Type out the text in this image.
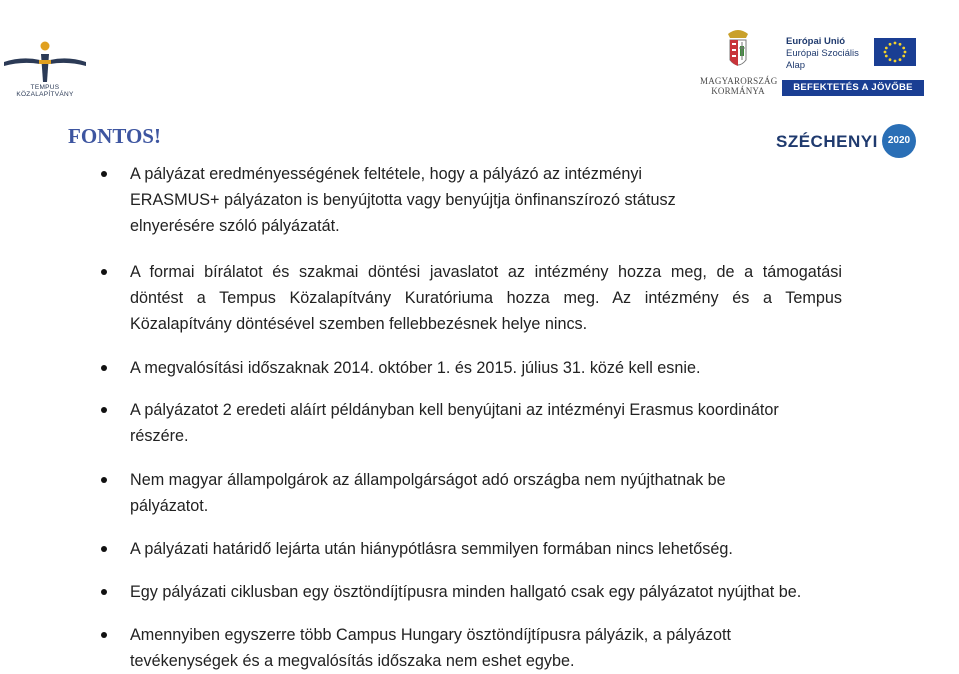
TEMPUS KÖZALAPÍTVÁNY
MAGYARORSZÁG
KORMÁNYA
Európai Unió
Európai Szociális
Alap
BEFEKTETÉS A JÖVŐBE
SZÉCHENYI	2020
FONTOS!
A pályázat eredményességének feltétele, hogy a pályázó az intézményi
ERASMUS+ pályázaton is benyújtotta vagy benyújtja önfinanszírozó státusz
elnyerésére szóló pályázatát.
A formai bírálatot és szakmai döntési javaslatot az intézmény hozza meg, de a támogatási
döntést a Tempus Közalapítvány Kuratóriuma hozza meg. Az intézmény és a Tempus
Közalapítvány döntésével szemben fellebbezésnek helye nincs.
A megvalósítási időszaknak 2014. október 1. és 2015. július 31. közé kell esnie.
A pályázatot 2 eredeti aláírt példányban kell benyújtani az intézményi Erasmus koordinátor
részére.
Nem magyar állampolgárok az állampolgárságot adó országba nem nyújthatnak be
pályázatot.
A pályázati határidő lejárta után hiánypótlásra semmilyen formában nincs lehetőség.
Egy pályázati ciklusban egy ösztöndíjtípusra minden hallgató csak egy pályázatot nyújthat be.
Amennyiben egyszerre több Campus Hungary ösztöndíjtípusra pályázik, a pályázott
tevékenységek és a megvalósítás időszaka nem eshet egybe.
